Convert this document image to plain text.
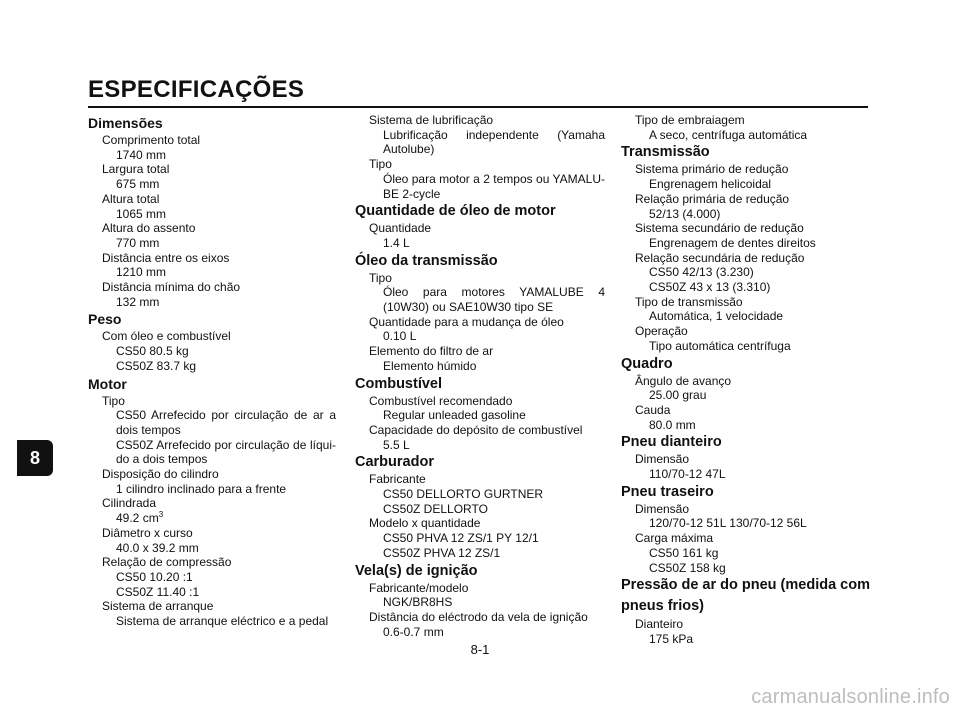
ESPECIFICAÇÕES
Dimensões
Comprimento total
1740 mm
Largura total
675 mm
Altura total
1065 mm
Altura do assento
770 mm
Distância entre os eixos
1210 mm
Distância mínima do chão
132 mm
Peso
Com óleo e combustível
CS50 80.5 kg
CS50Z 83.7 kg
Motor
Tipo
CS50 Arrefecido por circulação de ar a dois tempos
CS50Z Arrefecido por circulação de líqui-do a dois tempos
Disposição do cilindro
1 cilindro inclinado para a frente
Cilindrada
49.2 $cm^3$
Diâmetro x curso
40.0 x 39.2 mm
Relação de compressão
CS50 10.20 :1
CS50Z 11.40 :1
Sistema de arranque
Sistema de arranque eléctrico e a pedal
Sistema de lubrificação
Lubrificação independente (Yamaha Autolube)
Tipo
Óleo para motor a 2 tempos ou YAMALU-BE 2-cycle
Quantidade de óleo de motor
Quantidade
1.4 L
Óleo da transmissão
Tipo
Óleo para motores YAMALUBE 4 (10W30) ou SAE10W30 tipo SE
Quantidade para a mudança de óleo
0.10 L
Elemento do filtro de ar
Elemento húmido
Combustível
Combustível recomendado
Regular unleaded gasoline
Capacidade do depósito de combustível
5.5 L
Carburador
Fabricante
CS50 DELLORTO GURTNER
CS50Z DELLORTO
Modelo x quantidade
CS50 PHVA 12 ZS/1 PY 12/1
CS50Z PHVA 12 ZS/1
Vela(s) de ignição
Fabricante/modelo
NGK/BR8HS
Distância do eléctrodo da vela de ignição
0.6-0.7 mm
Tipo de embraiagem
A seco, centrífuga automática
Transmissão
Sistema primário de redução
Engrenagem helicoidal
Relação primária de redução
52/13 (4.000)
Sistema secundário de redução
Engrenagem de dentes direitos
Relação secundária de redução
CS50 42/13 (3.230)
CS50Z 43 x 13 (3.310)
Tipo de transmissão
Automática, 1 velocidade
Operação
Tipo automática centrífuga
Quadro
Ângulo de avanço
25.00 grau
Cauda
80.0 mm
Pneu dianteiro
Dimensão
110/70-12 47L
Pneu traseiro
Dimensão
120/70-12 51L 130/70-12 56L
Carga máxima
CS50 161 kg
CS50Z 158 kg
Pressão de ar do pneu (medida com pneus frios)
Dianteiro
175 kPa
8
8-1
carmanualsonline.info
